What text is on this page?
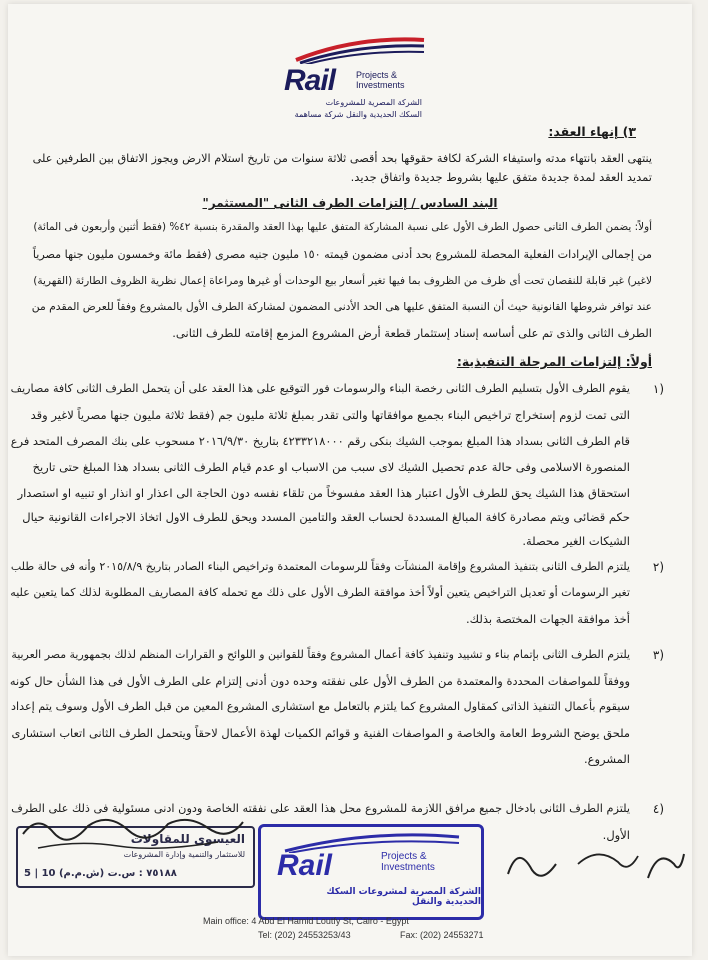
Rail Projects &
Investments
الشركة المصرية للمشروعات
السكك الحديدية والنقل شركة مساهمة
٣) إنهاء العقد:
ينتهى العقد بانتهاء مدته واستيفاء الشركة لكافة حقوقها بحد أقصى ثلاثة سنوات من تاريخ استلام الارض ويجوز الاتفاق بين الطرفين على
تمديد العقد لمدة جديدة متفق عليها بشروط جديدة واتفاق جديد.
البند السادس / إلتزامات الطرف الثانى "المستثمر"
أولاً: يضمن الطرف الثانى حصول الطرف الأول على نسبة المشاركة المتفق عليها بهذا العقد والمقدرة بنسبة ٤٢% (فقط أثنين وأربعون فى المائة)
من إجمالى الإيرادات الفعلية المحصلة للمشروع بحد أدنى مضمون قيمته ١٥٠ مليون جنيه مصرى (فقط مائة وخمسون مليون جنها مصرياً
لاغير) غير قابلة للنقصان تحت أى ظرف من الظروف بما فيها تغير أسعار بيع الوحدات أو غيرها ومراعاة إعمال نظرية الظروف الطارئة (القهرية)
عند توافر شروطها القانونية حيث أن النسبة المتفق عليها هى الحد الأدنى المضمون لمشاركة الطرف الأول بالمشروع وفقاً للعرض المقدم من
الطرف الثانى والذى تم على أساسه إسناد إستثمار قطعة أرض المشروع المزمع إقامته للطرف الثانى.
أولاً: إلتزامات المرحلة التنفيذية:
١)
يقوم الطرف الأول بتسليم الطرف الثانى رخصة البناء والرسومات فور التوقيع على هذا العقد على أن يتحمل الطرف الثانى كافة مصاريف
التى تمت لزوم إستخراج تراخيص البناء بجميع موافقاتها والتى تقدر بمبلغ ثلاثة مليون جم (فقط ثلاثة مليون جنها مصرياً لاغير وقد
قام الطرف الثانى بسداد هذا المبلغ بموجب الشيك بنكى رقم ٤٢٣٣٢١٨٠٠٠ بتاريخ ٢٠١٦/٩/٣٠ مسحوب على بنك المصرف المتحد فرع
المنصورة الاسلامى وفى حالة عدم تحصيل الشيك لاى سبب من الاسباب او عدم قيام الطرف الثانى بسداد هذا المبلغ حتى تاريخ
استحقاق هذا الشيك يحق للطرف الأول اعتبار هذا العقد مفسوخاً من تلقاء نفسه دون الحاجة الى اعذار او انذار او تنبيه او استصدار
حكم قضائى ويتم مصادرة كافة المبالغ المسددة لحساب العقد والتامين المسدد ويحق للطرف الاول اتخاذ الاجراءات القانونية حيال
الشيكات الغير محصلة.
٢)
يلتزم الطرف الثانى بتنفيذ المشروع وإقامة المنشآت وفقاً للرسومات المعتمدة وتراخيص البناء الصادر بتاريخ ٢٠١٥/٨/٩ وأنه فى حالة طلب
تغير الرسومات أو تعديل التراخيص يتعين أولاً أخذ موافقة الطرف الأول على ذلك مع تحمله كافة المصاريف المطلوبة لذلك كما يتعين عليه
أخذ موافقة الجهات المختصة بذلك.
٣)
يلتزم الطرف الثانى بإتمام بناء و تشييد وتنفيذ كافة أعمال المشروع وفقاً للقوانين و اللوائح و القرارات المنظم لذلك بجمهورية مصر العربية
ووفقاً للمواصفات المحددة والمعتمدة من الطرف الأول على نفقته وحده دون أدنى إلتزام على الطرف الأول فى هذا الشأن حال كونه
سيقوم بأعمال التنفيذ الذاتى كمقاول المشروع كما يلتزم بالتعامل مع استشارى المشروع المعين من قبل الطرف الأول وسوف يتم إعداد
ملحق يوضح الشروط العامة والخاصة و المواصفات الفنية و قوائم الكميات لهذة الأعمال لاحقاً ويتحمل الطرف الثانى اتعاب استشارى
المشروع.
٤)
يلتزم الطرف الثانى بادخال جميع مرافق اللازمة للمشروع محل هذا العقد على نفقته الخاصة ودون ادنى مسئولية فى ذلك على الطرف
الأول.
العيسوى للمقاولات
للاستثمار والتنمية وإدارة المشروعات
5 | 10 ٧٥١٨٨ : س.ت (ش.م.م)	Rail	Projects &
Investments
الشركة المصرية لمشروعات السكك الحديدية والنقل
Main office: 4 Abd El Hamid Loutfy St, Cairo - Egypt
Tel: (202) 24553253/43	Fax: (202) 24553271
